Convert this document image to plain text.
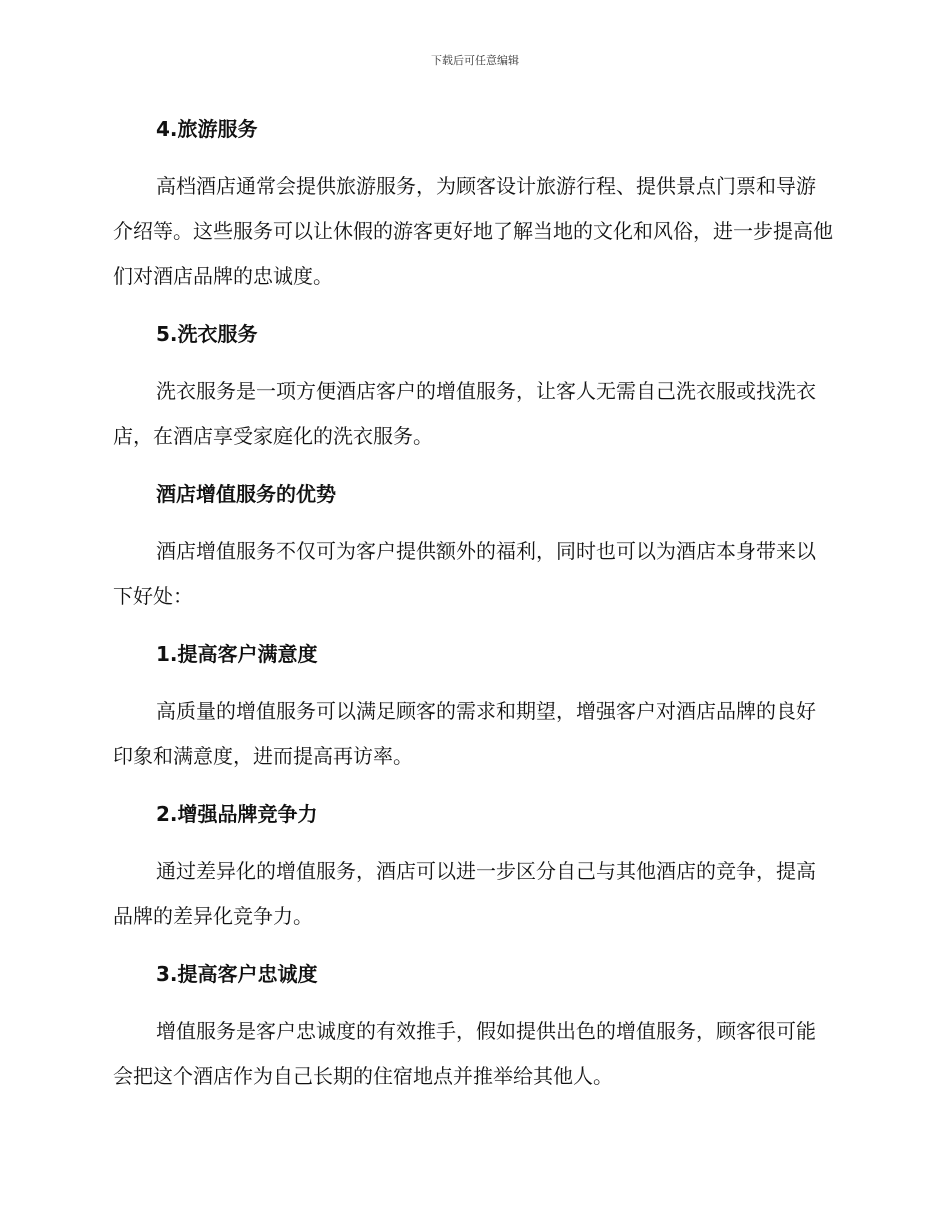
下载后可任意编辑
4.旅游服务

高档酒店通常会提供旅游服务，为顾客设计旅游行程、提供景点门票和导游介绍等。这些服务可以让休假的游客更好地了解当地的文化和风俗，进一步提高他们对酒店品牌的忠诚度。

5.洗衣服务

洗衣服务是一项方便酒店客户的增值服务，让客人无需自己洗衣服或找洗衣店，在酒店享受家庭化的洗衣服务。

酒店增值服务的优势

酒店增值服务不仅可为客户提供额外的福利，同时也可以为酒店本身带来以下好处：

1.提高客户满意度

高质量的增值服务可以满足顾客的需求和期望，增强客户对酒店品牌的良好印象和满意度，进而提高再访率。

2.增强品牌竞争力

通过差异化的增值服务，酒店可以进一步区分自己与其他酒店的竞争，提高品牌的差异化竞争力。

3.提高客户忠诚度

增值服务是客户忠诚度的有效推手，假如提供出色的增值服务，顾客很可能会把这个酒店作为自己长期的住宿地点并推举给其他人。
